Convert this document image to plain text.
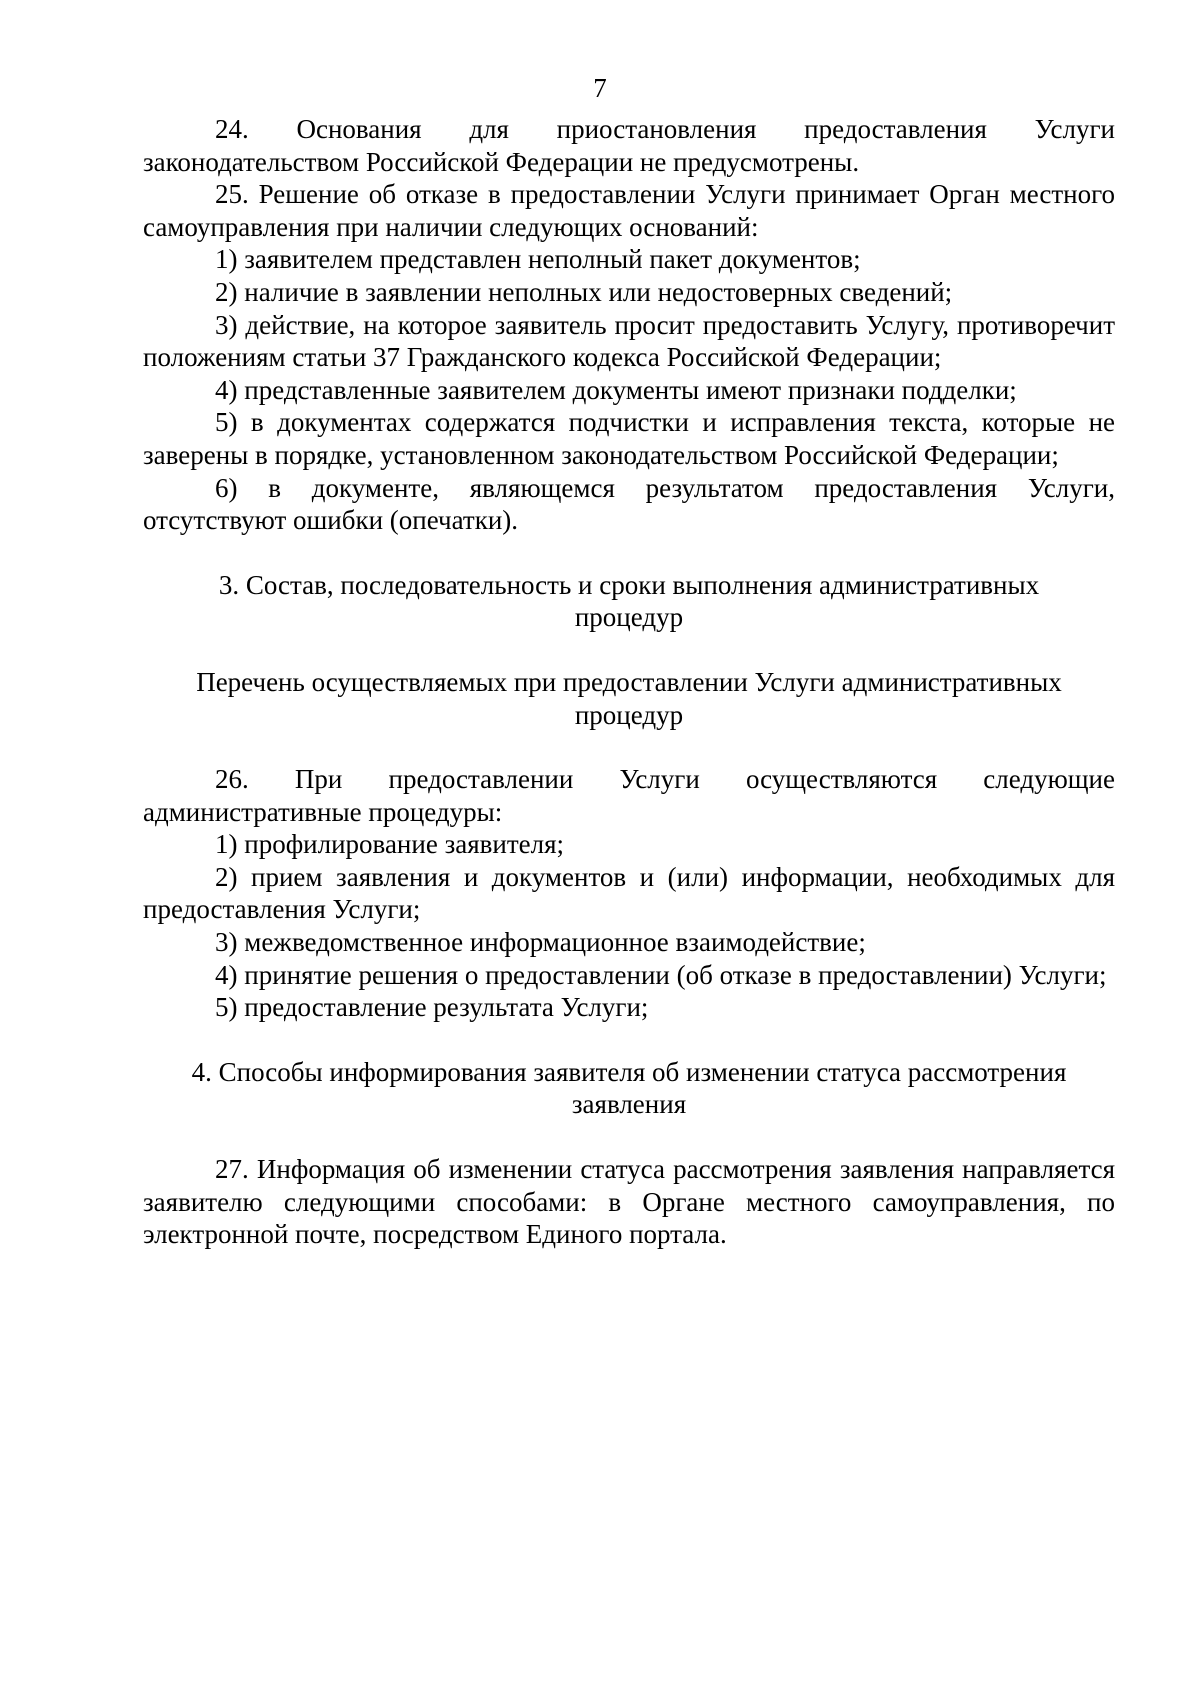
7

24. Основания для приостановления предоставления Услуги законодательством Российской Федерации не предусмотрены.

25. Решение об отказе в предоставлении Услуги принимает Орган местного самоуправления при наличии следующих оснований:

1) заявителем представлен неполный пакет документов;

2) наличие в заявлении неполных или недостоверных сведений;

3) действие, на которое заявитель просит предоставить Услугу, противоречит положениям статьи 37 Гражданского кодекса Российской Федерации;

4) представленные заявителем документы имеют признаки подделки;

5) в документах содержатся подчистки и исправления текста, которые не заверены в порядке, установленном законодательством Российской Федерации;

6) в документе, являющемся результатом предоставления Услуги, отсутствуют ошибки (опечатки).

3. Состав, последовательность и сроки выполнения административных процедур

Перечень осуществляемых при предоставлении Услуги административных процедур

26. При предоставлении Услуги осуществляются следующие административные процедуры:

1) профилирование заявителя;

2) прием заявления и документов и (или) информации, необходимых для предоставления Услуги;

3) межведомственное информационное взаимодействие;

4) принятие решения о предоставлении (об отказе в предоставлении) Услуги;

5) предоставление результата Услуги;

4. Способы информирования заявителя об изменении статуса рассмотрения заявления

27. Информация об изменении статуса рассмотрения заявления направляется заявителю следующими способами: в Органе местного самоуправления, по электронной почте, посредством Единого портала.
